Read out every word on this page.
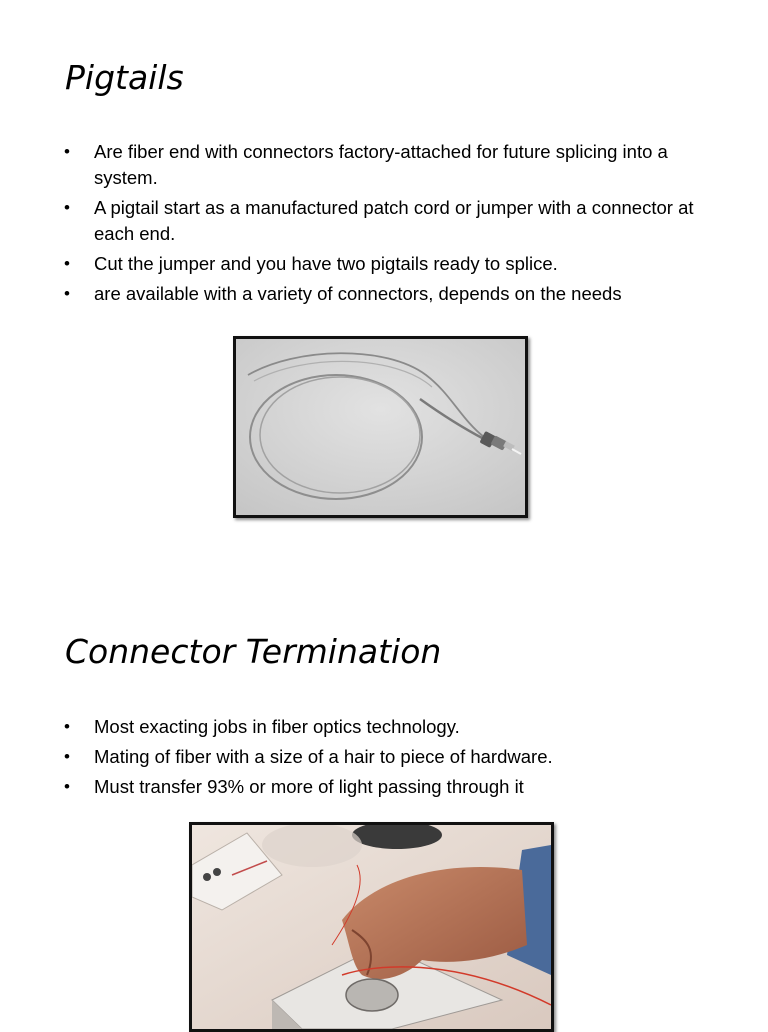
Pigtails
• Are fiber end with connectors factory-attached for future splicing into a system.
• A pigtail start as a manufactured patch cord or jumper with a connector at each end.
• Cut the jumper and you have two pigtails ready to splice.
• are available with a variety of connectors, depends on the needs
Connector Termination
• Most exacting jobs in fiber optics technology.
• Mating of fiber with a size of a hair to piece of hardware.
• Must transfer 93% or more of light passing through it
